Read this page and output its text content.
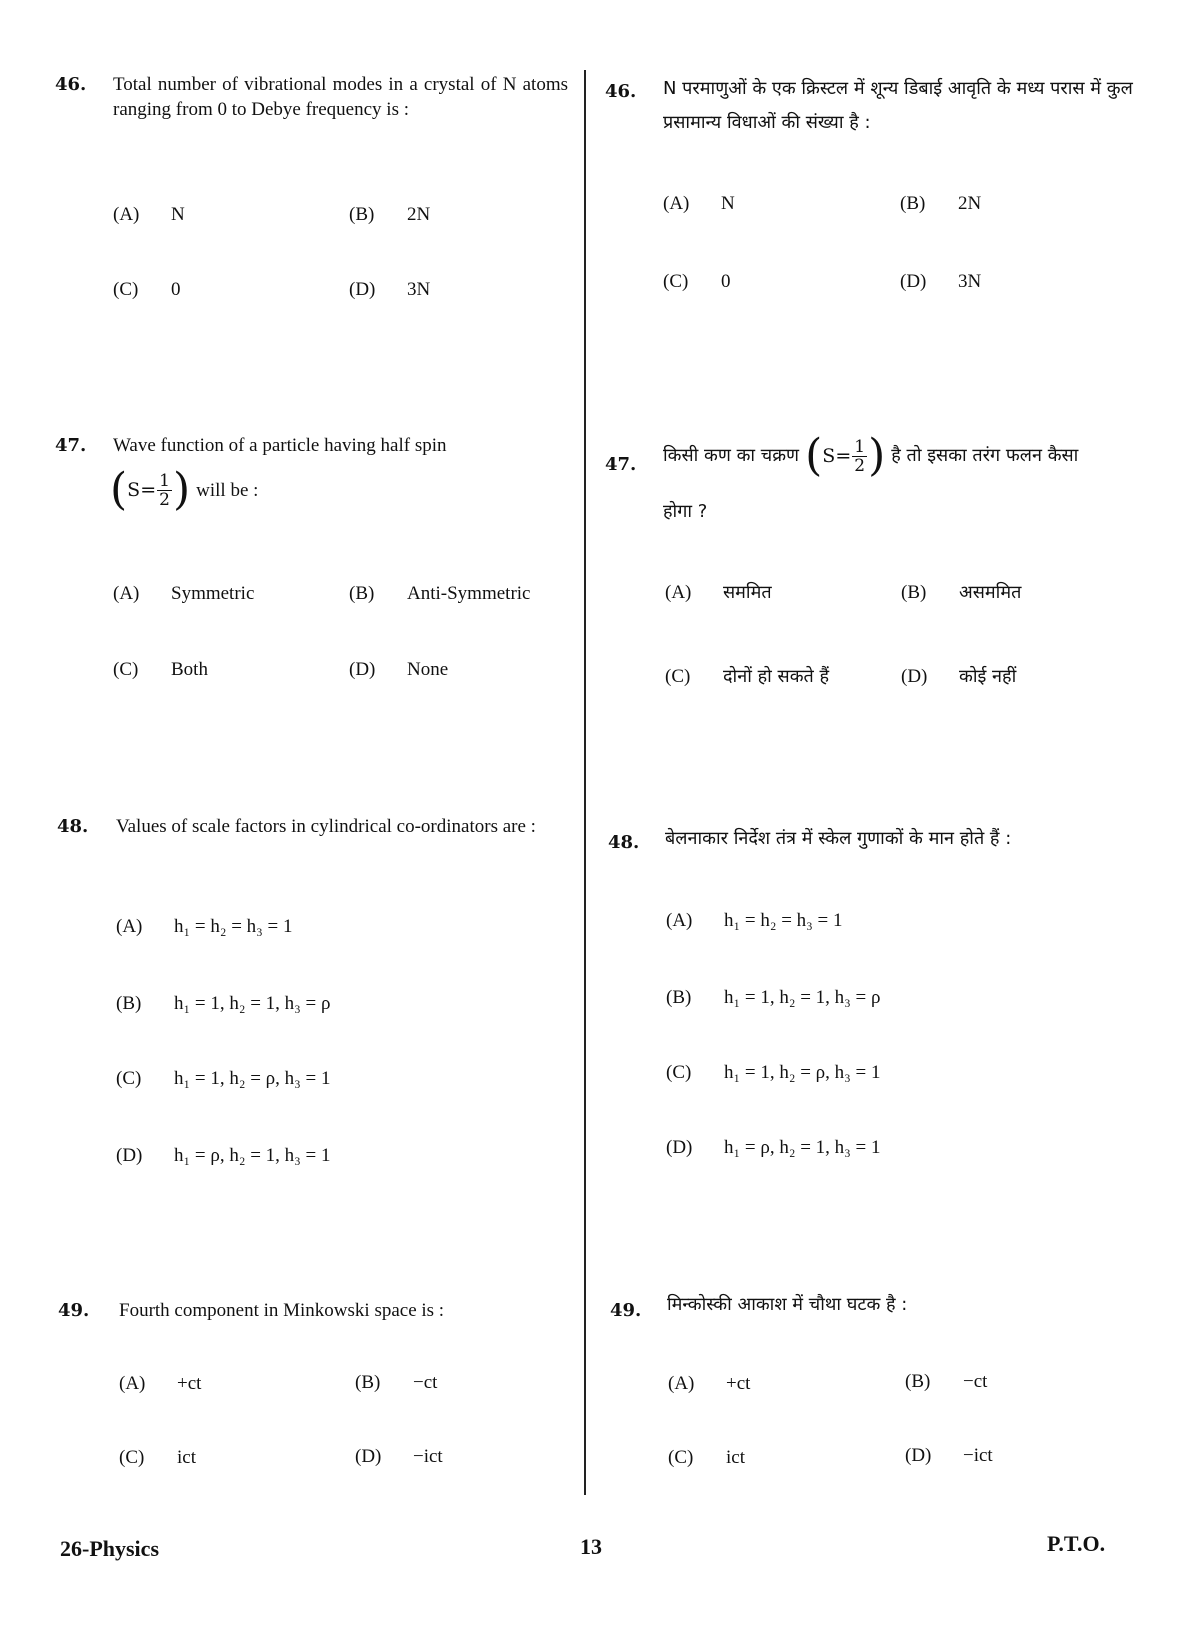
46. Total number of vibrational modes in a crystal of N atoms ranging from 0 to Debye frequency is :
(A) N	(B) 2N
(C) 0	(D) 3N
47. Wave function of a particle having half spin
( $S= \frac{1}{2}$ )
will be :
(A) Symmetric	(B) Anti-Symmetric
(C) Both	(D) None
48. Values of scale factors in cylindrical co-ordinators are :
(A) h₁ = h₂ = h₃ = 1
(B) h₁ = 1, h₂ = 1, h₃ = ρ
(C) h₁ = 1, h₂ = ρ, h₃ = 1
(D) h₁ = ρ, h₂ = 1, h₃ = 1
49. Fourth component in Minkowski space is :
(A) +ct	(B) −ct
(C) ict	(D) −ict
46. N परमाणुओं के एक क्रिस्टल में शून्य डिबाई आवृति के मध्य परास में कुल प्रसामान्य विधाओं की संख्या है :
(A) N	(B) 2N
(C) 0	(D) 3N
47. किसी कण का चक्रण
( $S= \frac{1}{2}$ )
है तो इसका तरंग फलन कैसा
होगा ?
(A) सममित	(B) असममित
(C) दोनों हो सकते हैं	(D) कोई नहीं
48. बेलनाकार निर्देश तंत्र में स्केल गुणाकों के मान होते हैं :
(A) h₁ = h₂ = h₃ = 1
(B) h₁ = 1, h₂ = 1, h₃ = ρ
(C) h₁ = 1, h₂ = ρ, h₃ = 1
(D) h₁ = ρ, h₂ = 1, h₃ = 1
49. मिन्कोस्की आकाश में चौथा घटक है :
(A) +ct	(B) −ct
(C) ict	(D) −ict
26-Physics	13	P.T.O.
